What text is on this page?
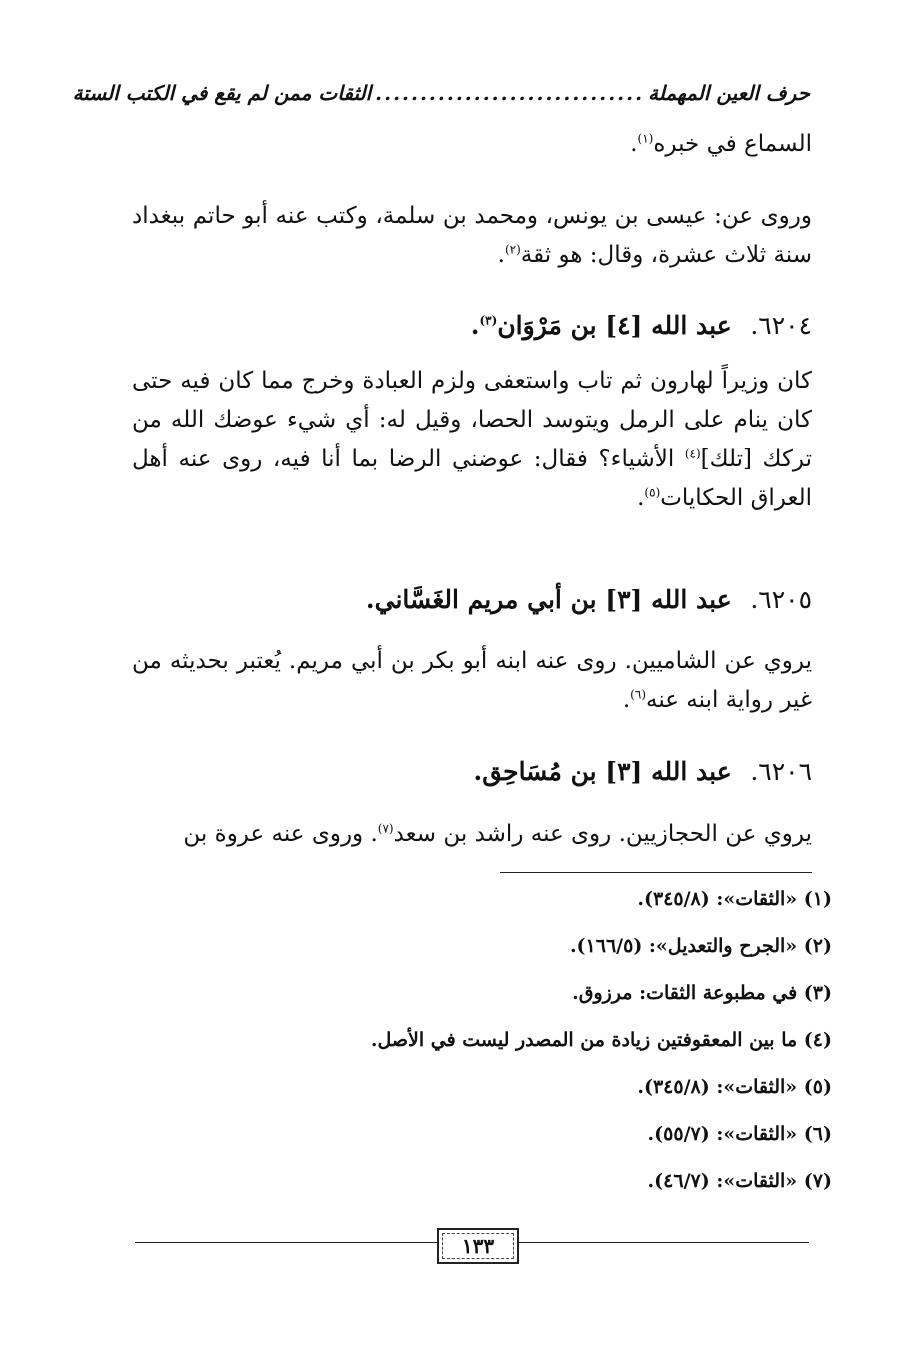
حرف العين المهملة
..............................
الثقات ممن لم يقع في الكتب الستة

السماع في خبره$^{(١)}$.

وروى عن: عيسى بن يونس، ومحمد بن سلمة، وكتب عنه أبو حاتم ببغداد سنة ثلاث عشرة، وقال: هو ثقة$^{(٢)}$.

٦٢٠٤. عبد الله [٤] بن مَرْوَان$^{(٣)}$.

كان وزيراً لهارون ثم تاب واستعفى ولزم العبادة وخرج مما كان فيه حتى كان ينام على الرمل ويتوسد الحصا، وقيل له: أي شيء عوضك الله من تركك [تلك]$^{(٤)}$ الأشياء؟ فقال: عوضني الرضا بما أنا فيه، روى عنه أهل العراق الحكايات$^{(٥)}$.

٦٢٠٥. عبد الله [٣] بن أبي مريم الغَسَّاني.

يروي عن الشاميين. روى عنه ابنه أبو بكر بن أبي مريم. يُعتبر بحديثه من غير رواية ابنه عنه$^{(٦)}$.

٦٢٠٦. عبد الله [٣] بن مُسَاحِق.

يروي عن الحجازيين. روى عنه راشد بن سعد$^{(٧)}$. وروى عنه عروة بن

(١) «الثقات»: (٣٤٥/٨).
(٢) «الجرح والتعديل»: (١٦٦/٥).
(٣) في مطبوعة الثقات: مرزوق.
(٤) ما بين المعقوفتين زيادة من المصدر ليست في الأصل.
(٥) «الثقات»: (٣٤٥/٨).
(٦) «الثقات»: (٥٥/٧).
(٧) «الثقات»: (٤٦/٧).
١٣٣
